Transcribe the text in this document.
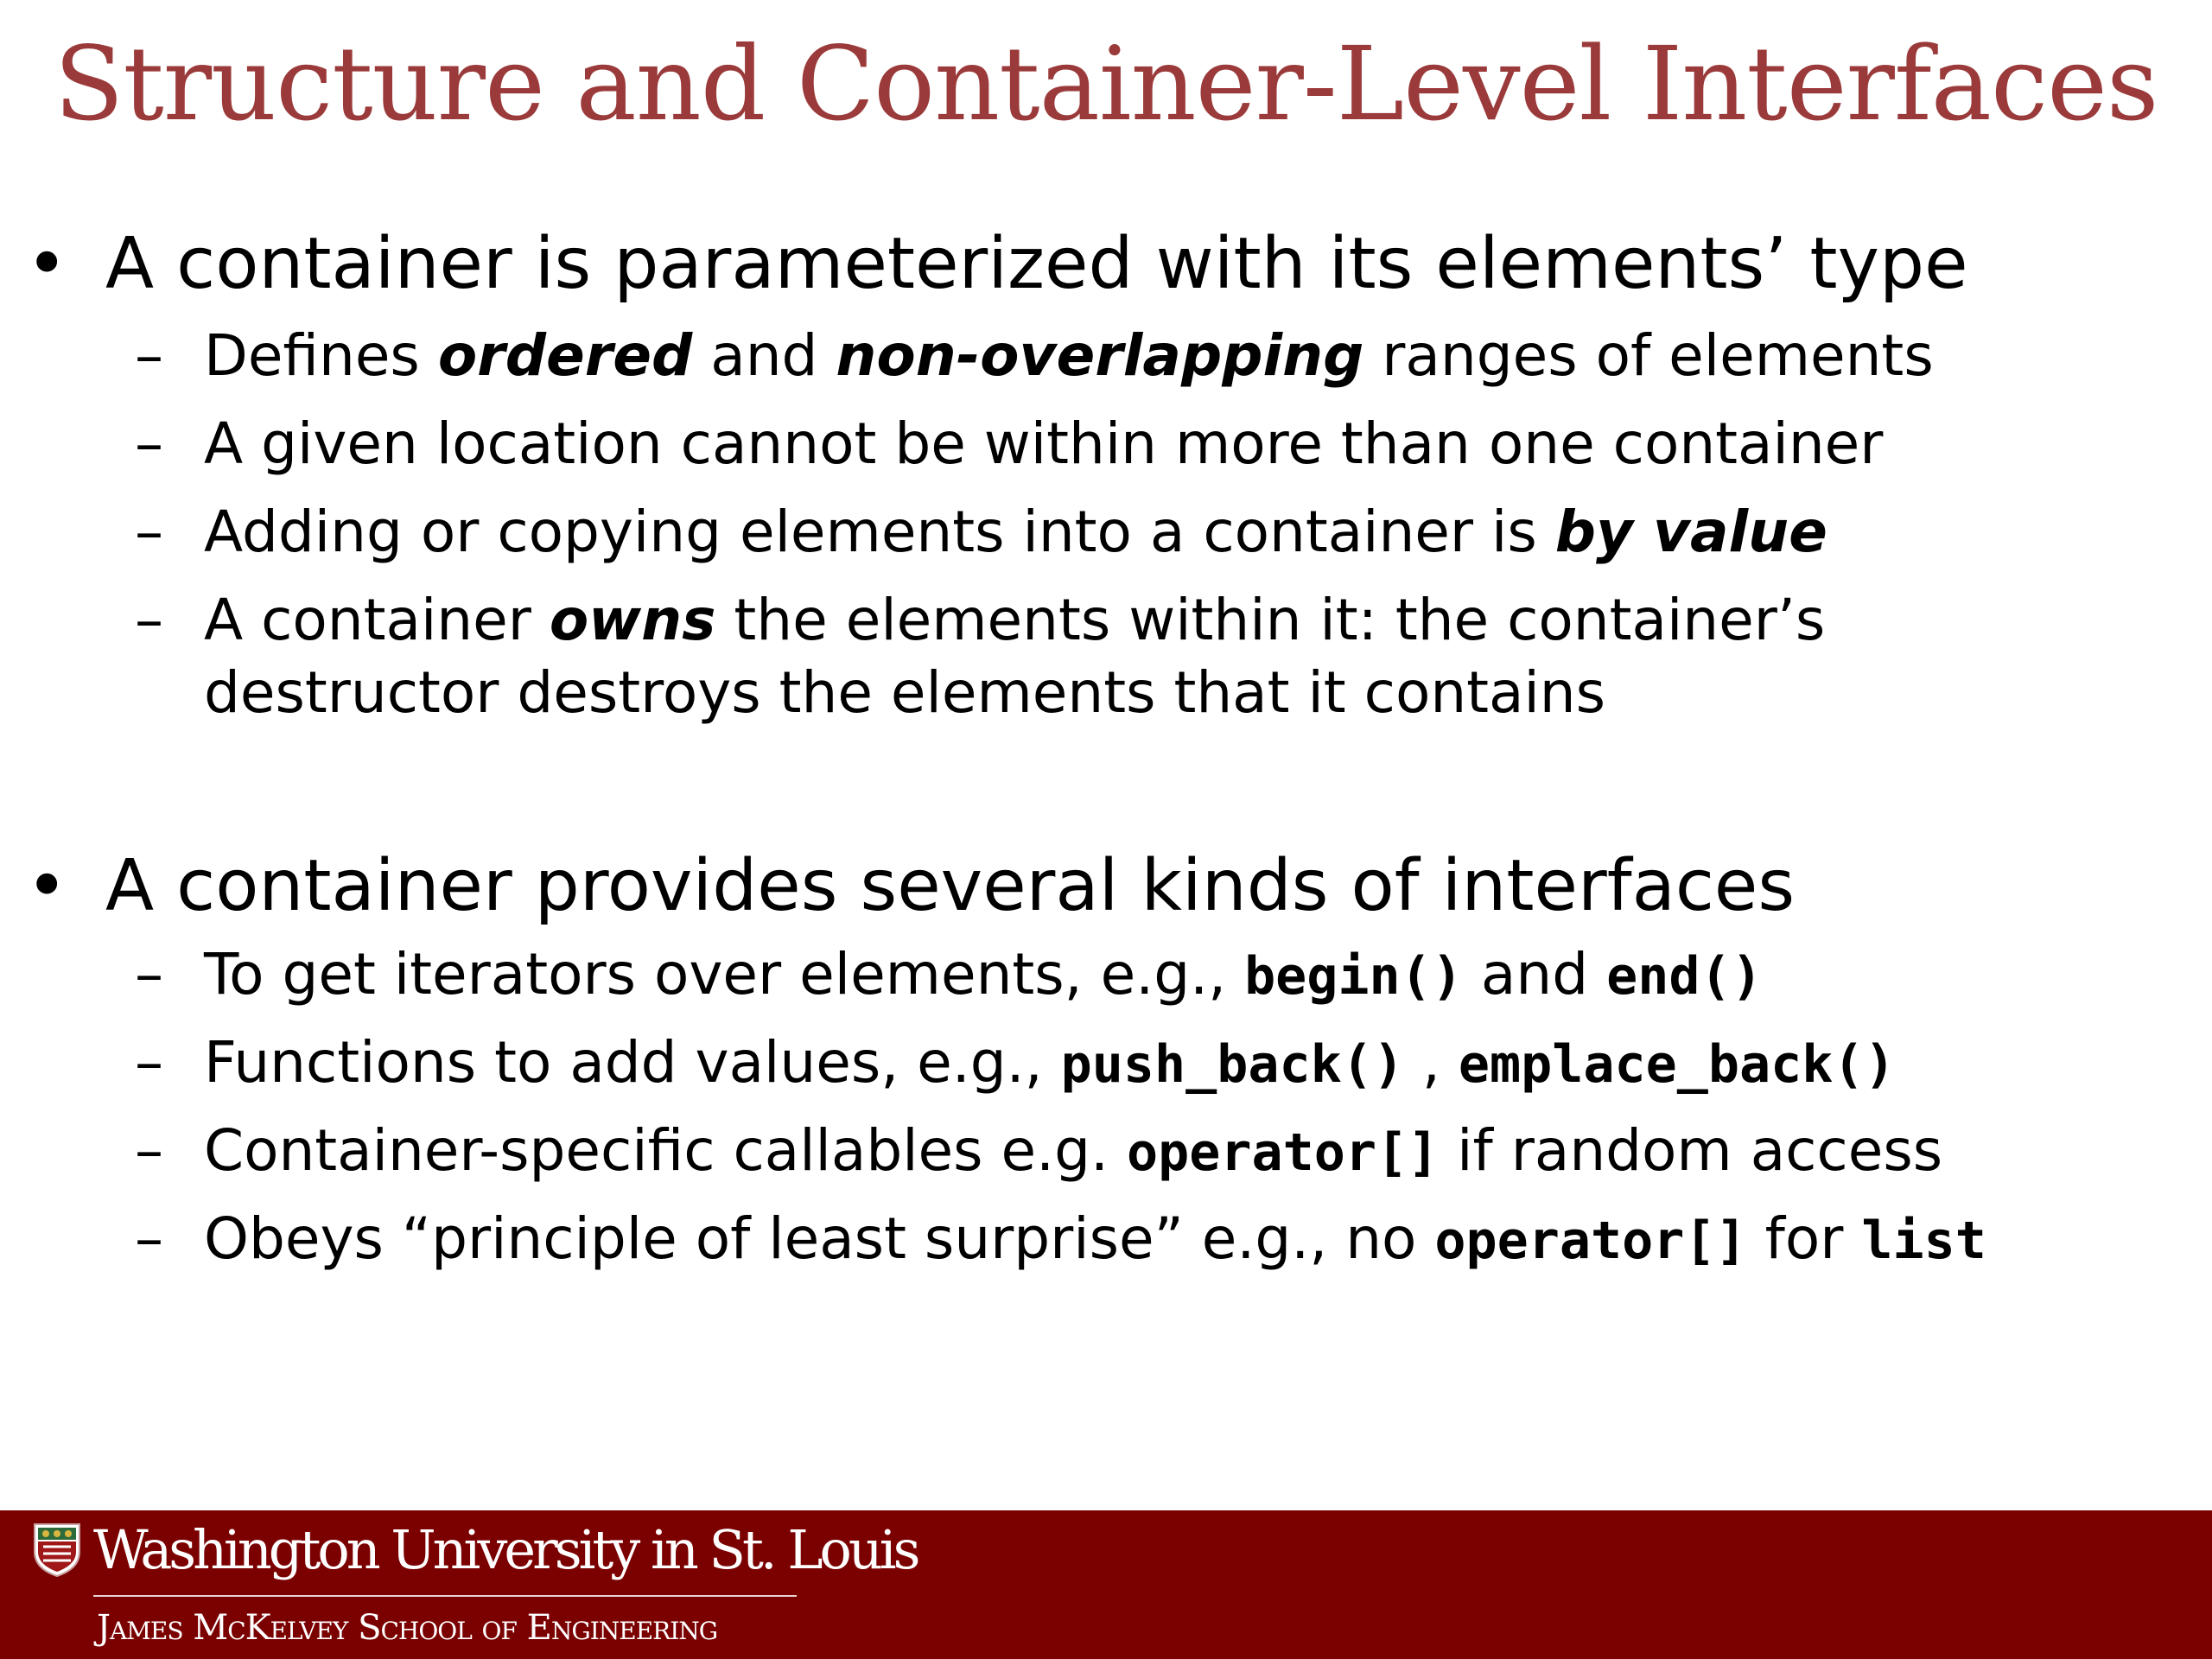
Structure and Container-Level Interfaces
• A container is parameterized with its elements’ type
– Defines ordered and non-overlapping ranges of elements
– A given location cannot be within more than one container
– Adding or copying elements into a container is by value
– A container owns the elements within it: the container’s
destructor destroys the elements that it contains
• A container provides several kinds of interfaces
– To get iterators over elements, e.g., begin() and end()
– Functions to add values, e.g., push_back() , emplace_back()
– Container-specific callables e.g. operator[] if random access
– Obeys “principle of least surprise” e.g., no operator[] for list
Washington University in St. Louis
James McKelvey School of Engineering
